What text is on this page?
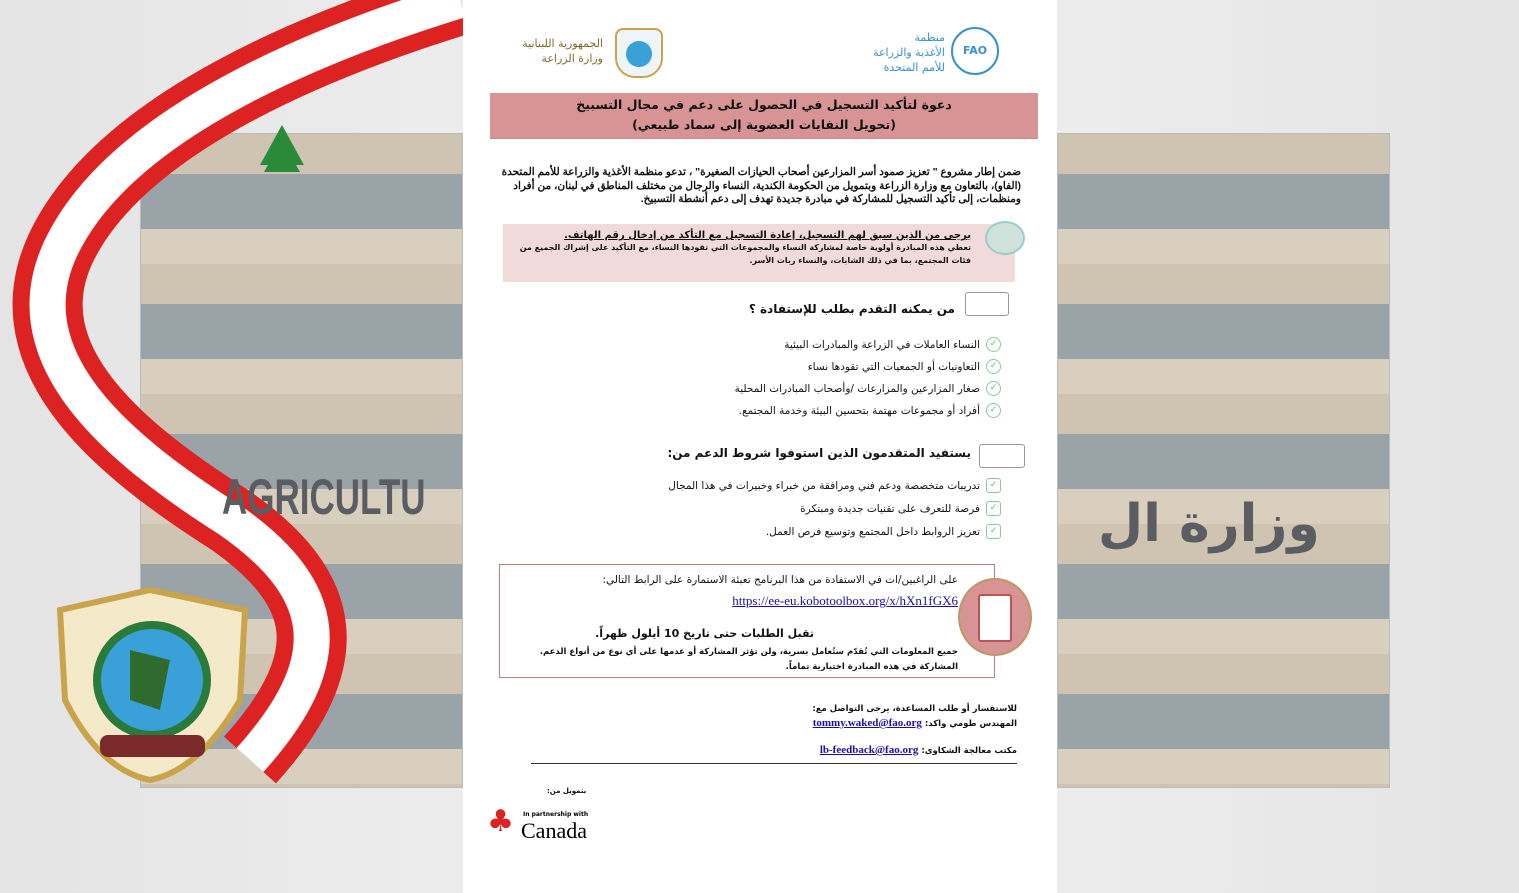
وزارة ال
AGRICULTU
الجمهورية اللبنانية
وزارة الزراعة
FAO
منظمة
الأغذية والزراعة
للأمم المتحدة
دعوة لتأكيد التسجيل في الحصول على دعم في مجال التسبيخ
(تحويل النفايات العضوية إلى سماد طبيعي)
ضمن إطار مشروع " تعزيز صمود أسر المزارعين أصحاب الحيازات الصغيرة" ، تدعو منظمة الأغذية والزراعة للأمم المتحدة (الفاو)، بالتعاون مع وزارة الزراعة وبتمويل من الحكومة الكندية، النساء والرجال من مختلف المناطق في لبنان، من أفراد ومنظمات، إلى تأكيد التسجيل للمشاركة في مبادرة جديدة تهدف إلى دعم أنشطة التسبيخ.
يرجى من الذين سبق لهم التسجيل، إعادة التسجيل مع التأكد من إدخال رقم الهاتف.
تعطي هذه المبادرة أولوية خاصة لمشاركة النساء والمجموعات التي تقودها النساء، مع التأكيد على إشراك الجميع من فئات المجتمع، بما في ذلك الشابات، والنساء ربات الأسر.
من يمكنه التقدم بطلب للإستفادة ؟
✓
النساء العاملات في الزراعة والمبادرات البيئية
✓
التعاونيات أو الجمعيات التي تقودها نساء
✓
صغار المزارعين والمزارعات /وأصحاب المبادرات المحلية
✓
أفراد أو مجموعات مهتمة بتحسين البيئة وخدمة المجتمع.
يستفيد المتقدمون الذين استوفوا شروط الدعم من:
✓
تدريبات متخصصة ودعم فني ومرافقة من خبراء وخبيرات في هذا المجال
✓
فرصة للتعرف على تقنيات جديدة ومبتكرة
✓
تعزيز الروابط داخل المجتمع وتوسيع فرص العمل.
على الراغبين/ات في الاستفادة من هذا البرنامج تعبئة الاستمارة على الرابط التالي:
https://ee-eu.kobotoolbox.org/x/hXn1fGX6
تقبل الطلبات حتى تاريخ 10 أيلول ظهراً.
جميع المعلومات التي تُقدّم ستُعامل بسرية، ولن تؤثر المشاركة أو عدمها على أي نوع من أنواع الدعم. المشاركة في هذه المبادرة اختيارية تماماً.
للاستفسار أو طلب المساعدة، يرجى التواصل مع:
المهندس طومي واكد: tommy.waked@fao.org
مكتب معالجة الشكاوى: lb-feedback@fao.org
بتمويل من:
♣ In partnership with
Canada
